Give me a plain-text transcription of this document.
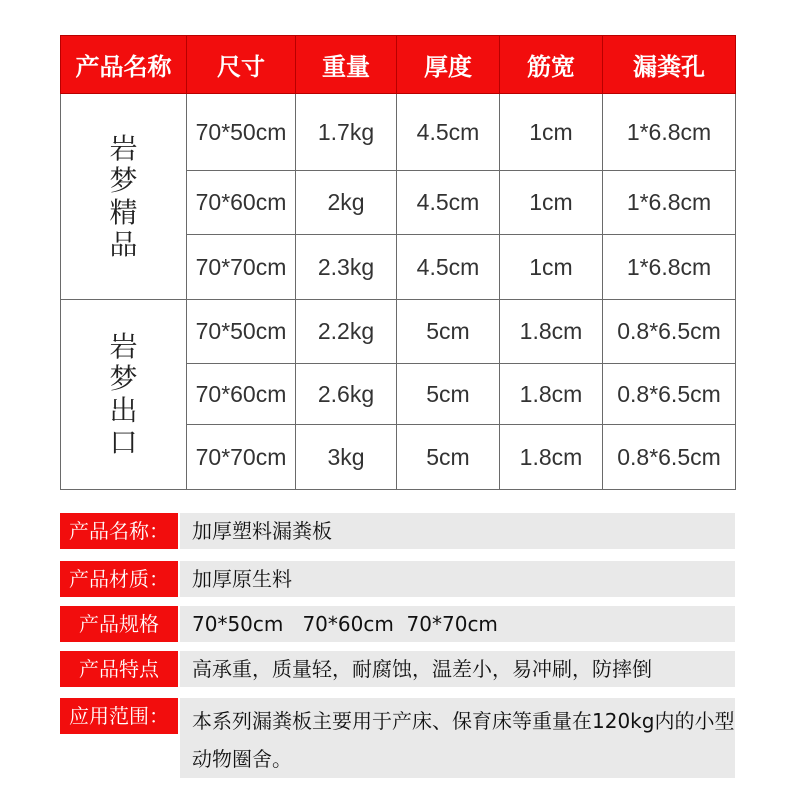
产品名称	尺寸	重量	厚度	筋宽	漏粪孔
岩梦精品	70*50cm	1.7kg	4.5cm	1cm	1*6.8cm
	70*60cm	2kg	4.5cm	1cm	1*6.8cm
	70*70cm	2.3kg	4.5cm	1cm	1*6.8cm
岩梦出口	70*50cm	2.2kg	5cm	1.8cm	0.8*6.5cm
	70*60cm	2.6kg	5cm	1.8cm	0.8*6.5cm
	70*70cm	3kg	5cm	1.8cm	0.8*6.5cm
产品名称：	加厚塑料漏粪板
产品材质：	加厚原生料
产品规格	70*50cm   70*60cm  70*70cm
产品特点	高承重，质量轻，耐腐蚀，温差小，易冲刷，防摔倒
应用范围：	本系列漏粪板主要用于产床、保育床等重量在120kg内的小型动物圈舍。
